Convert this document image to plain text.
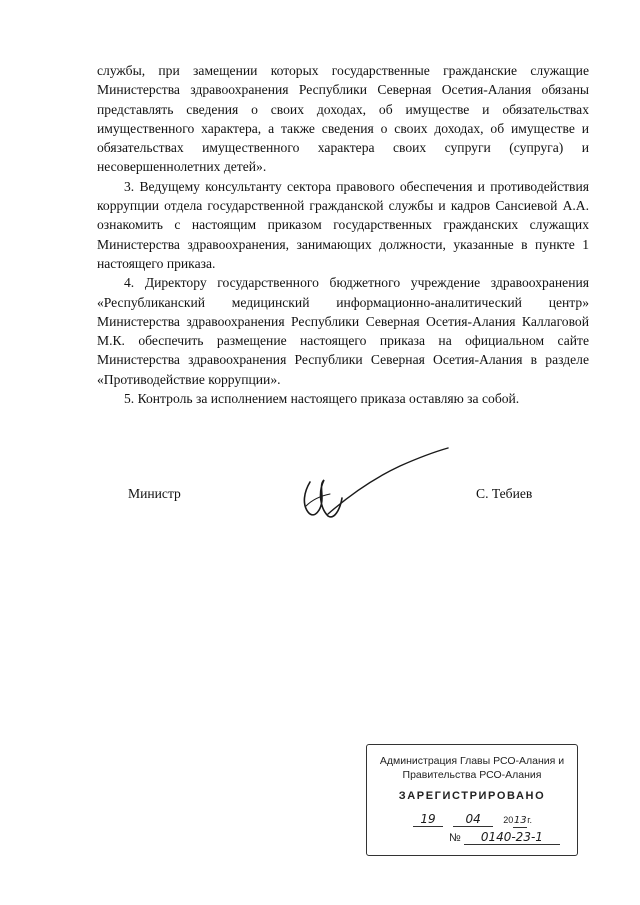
службы, при замещении которых государственные гражданские служащие Министерства здравоохранения Республики Северная Осетия-Алания обязаны представлять сведения о своих доходах, об имуществе и обязательствах имущественного характера, а также сведения о своих доходах, об имуществе и обязательствах имущественного характера своих супруги (супруга) и несовершеннолетних детей».

3. Ведущему консультанту сектора правового обеспечения и противодействия коррупции отдела государственной гражданской службы и кадров Сансиевой А.А. ознакомить с настоящим приказом государственных гражданских служащих Министерства здравоохранения, занимающих должности, указанные в пункте 1 настоящего приказа.

4. Директору государственного бюджетного учреждение здравоохранения «Республиканский медицинский информационно-аналитический центр» Министерства здравоохранения Республики Северная Осетия-Алания Каллаговой М.К. обеспечить размещение настоящего приказа на официальном сайте Министерства здравоохранения Республики Северная Осетия-Алания в разделе «Противодействие коррупции».

5. Контроль за исполнением настоящего приказа оставляю за собой.

Министр	С. Тебиев
Администрация Главы РСО-Алания и
Правительства РСО-Алания
ЗАРЕГИСТРИРОВАНО
19 04 2013г.
№ 0140-23-1
